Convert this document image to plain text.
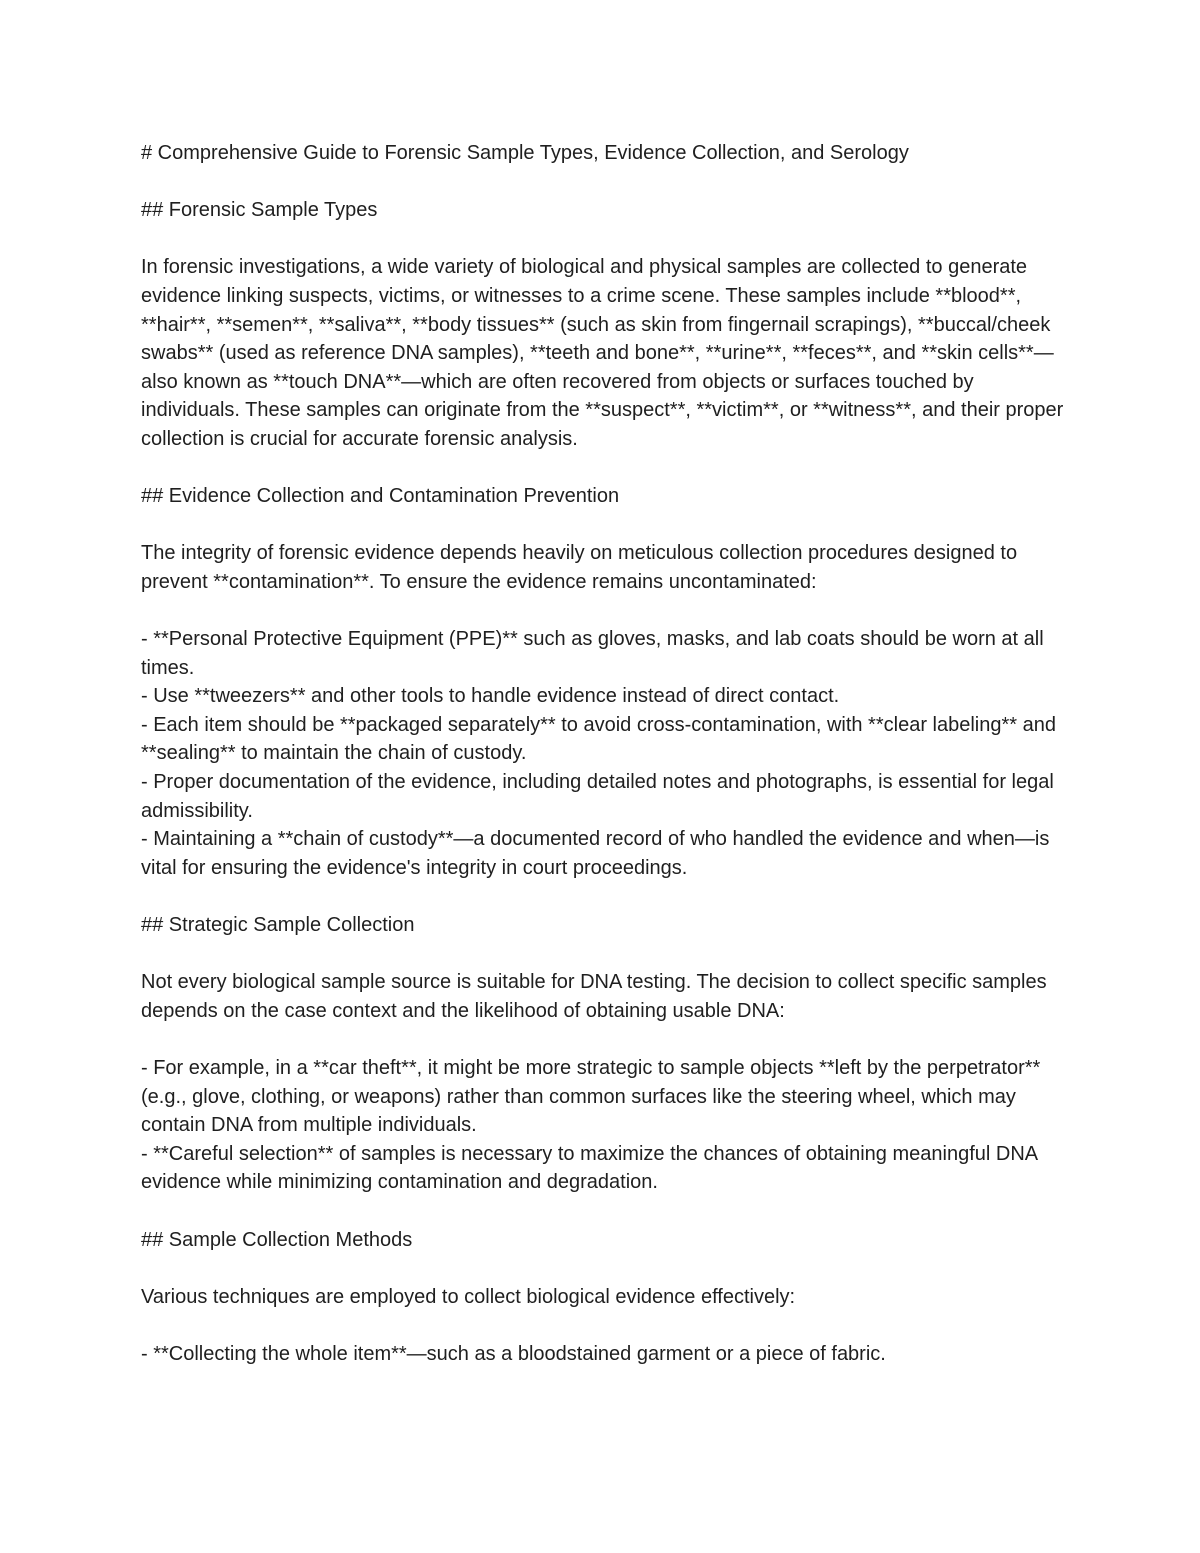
# Comprehensive Guide to Forensic Sample Types, Evidence Collection, and Serology

## Forensic Sample Types

In forensic investigations, a wide variety of biological and physical samples are collected to generate evidence linking suspects, victims, or witnesses to a crime scene. These samples include **blood**, **hair**, **semen**, **saliva**, **body tissues** (such as skin from fingernail scrapings), **buccal/cheek swabs** (used as reference DNA samples), **teeth and bone**, **urine**, **feces**, and **skin cells**—also known as **touch DNA**—which are often recovered from objects or surfaces touched by individuals. These samples can originate from the **suspect**, **victim**, or **witness**, and their proper collection is crucial for accurate forensic analysis.

## Evidence Collection and Contamination Prevention

The integrity of forensic evidence depends heavily on meticulous collection procedures designed to prevent **contamination**. To ensure the evidence remains uncontaminated:

- **Personal Protective Equipment (PPE)** such as gloves, masks, and lab coats should be worn at all times.

- Use **tweezers** and other tools to handle evidence instead of direct contact.

- Each item should be **packaged separately** to avoid cross-contamination, with **clear labeling** and **sealing** to maintain the chain of custody.

- Proper documentation of the evidence, including detailed notes and photographs, is essential for legal admissibility.

- Maintaining a **chain of custody**—a documented record of who handled the evidence and when—is vital for ensuring the evidence's integrity in court proceedings.

## Strategic Sample Collection

Not every biological sample source is suitable for DNA testing. The decision to collect specific samples depends on the case context and the likelihood of obtaining usable DNA:

- For example, in a **car theft**, it might be more strategic to sample objects **left by the perpetrator** (e.g., glove, clothing, or weapons) rather than common surfaces like the steering wheel, which may contain DNA from multiple individuals.

- **Careful selection** of samples is necessary to maximize the chances of obtaining meaningful DNA evidence while minimizing contamination and degradation.

## Sample Collection Methods

Various techniques are employed to collect biological evidence effectively:

- **Collecting the whole item**—such as a bloodstained garment or a piece of fabric.
